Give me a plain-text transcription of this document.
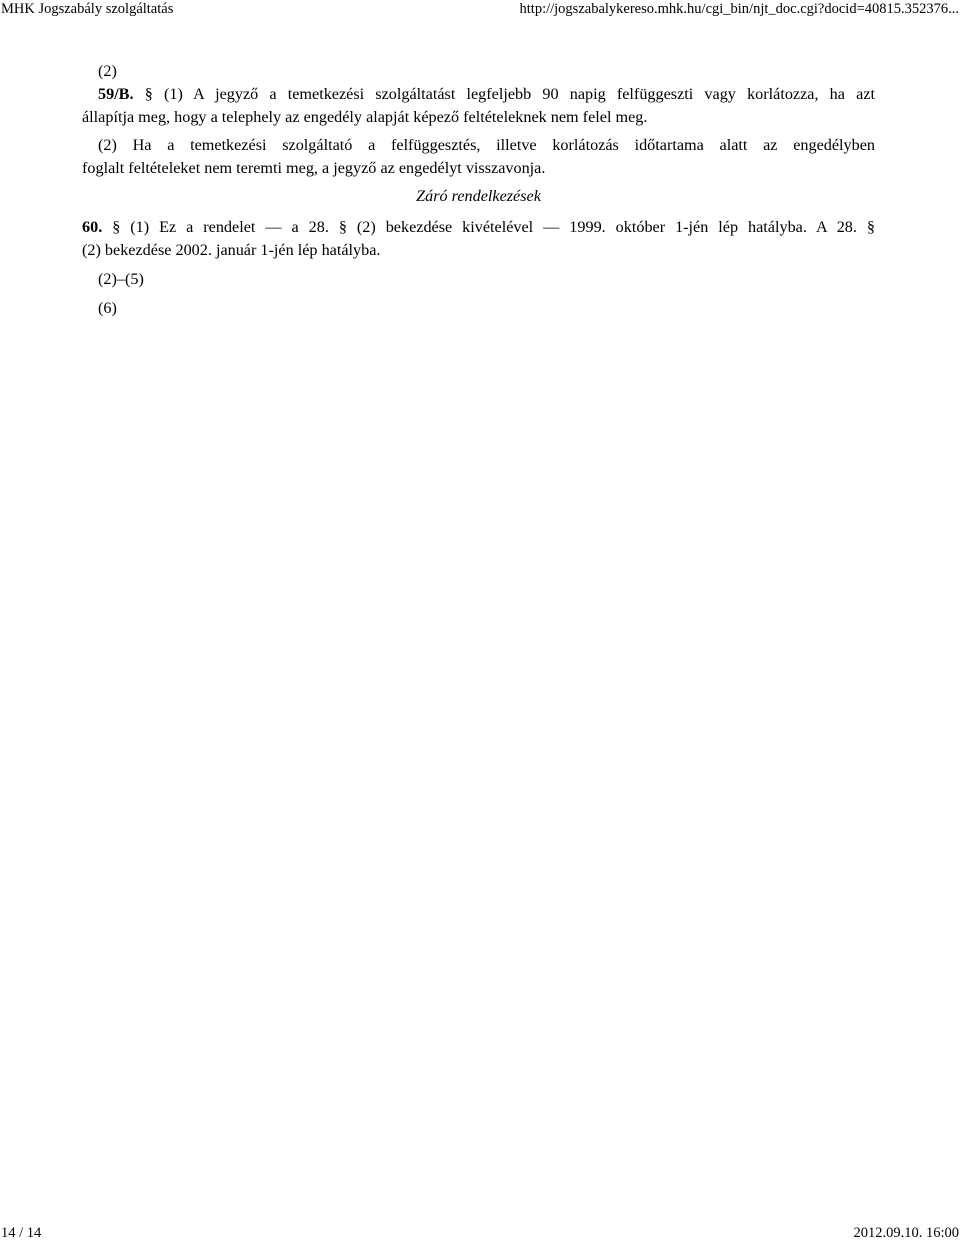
MHK Jogszabály szolgáltatás	http://jogszabalykereso.mhk.hu/cgi_bin/njt_doc.cgi?docid=40815.352376...

(2)

59/B. § (1) A jegyző a temetkezési szolgáltatást legfeljebb 90 napig felfüggeszti vagy korlátozza, ha azt

állapítja meg, hogy a telephely az engedély alapját képező feltételeknek nem felel meg.

(2) Ha a temetkezési szolgáltató a felfüggesztés, illetve korlátozás időtartama alatt az engedélyben

foglalt feltételeket nem teremti meg, a jegyző az engedélyt visszavonja.

Záró rendelkezések

60. § (1) Ez a rendelet — a 28. § (2) bekezdése kivételével — 1999. október 1-jén lép hatályba. A 28. §

(2) bekezdése 2002. január 1-jén lép hatályba.

(2)–(5)

(6)

14 / 14	2012.09.10. 16:00
